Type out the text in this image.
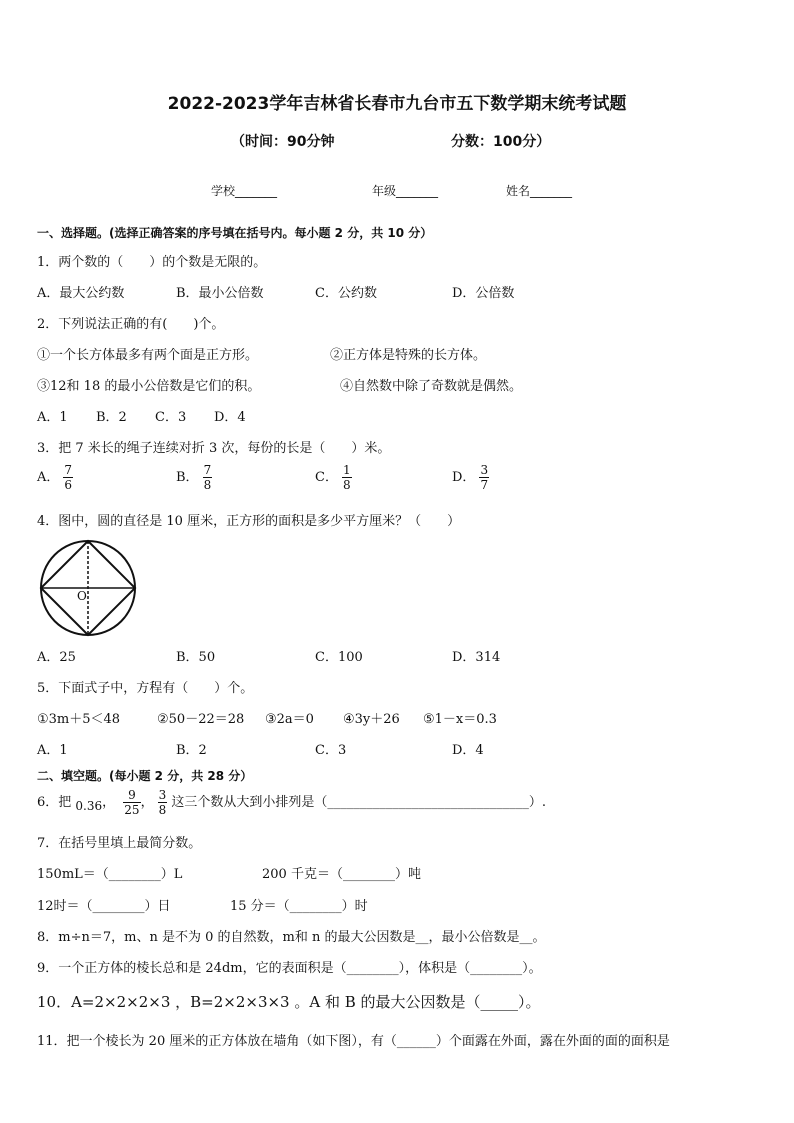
2022-2023学年吉林省长春市九台市五下数学期末统考试题
（时间：90分钟	分数：100分）
学校_______	年级_______	姓名_______
一、选择题。(选择正确答案的序号填在括号内。每小题 2 分，共 10 分）
1．两个数的（　　）的个数是无限的。
A．最大公约数	B．最小公倍数	C．公约数	D．公倍数
2．下列说法正确的有(　　)个。
①一个长方体最多有两个面是正方形。	②正方体是特殊的长方体。
③12和 18 的最小公倍数是它们的积。	④自然数中除了奇数就是偶然。
A．1 B．2 C．3 D．4
3．把 7 米长的绳子连续对折 3 次，每份的长是（　　）米。
A． $\frac{7}{6}$	B． $\frac{7}{8}$	C． $\frac{1}{8}$	D． $\frac{3}{7}$
4．图中，圆的直径是 10 厘米，正方形的面积是多少平方厘米？（　　）
O
A．25	B．50	C．100	D．314
5．下面式子中，方程有（　　）个。
①3m＋5＜48	②50－22＝28 ③2a＝0 ④3y＋26 ⑤1－x＝0.3
A．1	B．2	C．3	D．4
二、填空题。(每小题 2 分，共 28 分）
6．把 0.36， $\frac{9}{25}$ ， $\frac{3}{8}$ 这三个数从大到小排列是（_______________________________）.
7．在括号里填上最简分数。
150mL＝（________）L	200 千克＝（________）吨
12时＝（________）日	15 分＝（________）时
8．m÷n＝7，m、n 是不为 0 的自然数，m和 n 的最大公因数是__，最小公倍数是__。
9．一个正方体的棱长总和是 24dm，它的表面积是（________），体积是（________）。
10．A=2×2×2×3 ，B=2×2×3×3 。A 和 B 的最大公因数是（_____）。
11．把一个棱长为 20 厘米的正方体放在墙角（如下图），有（______）个面露在外面，露在外面的面的面积是
